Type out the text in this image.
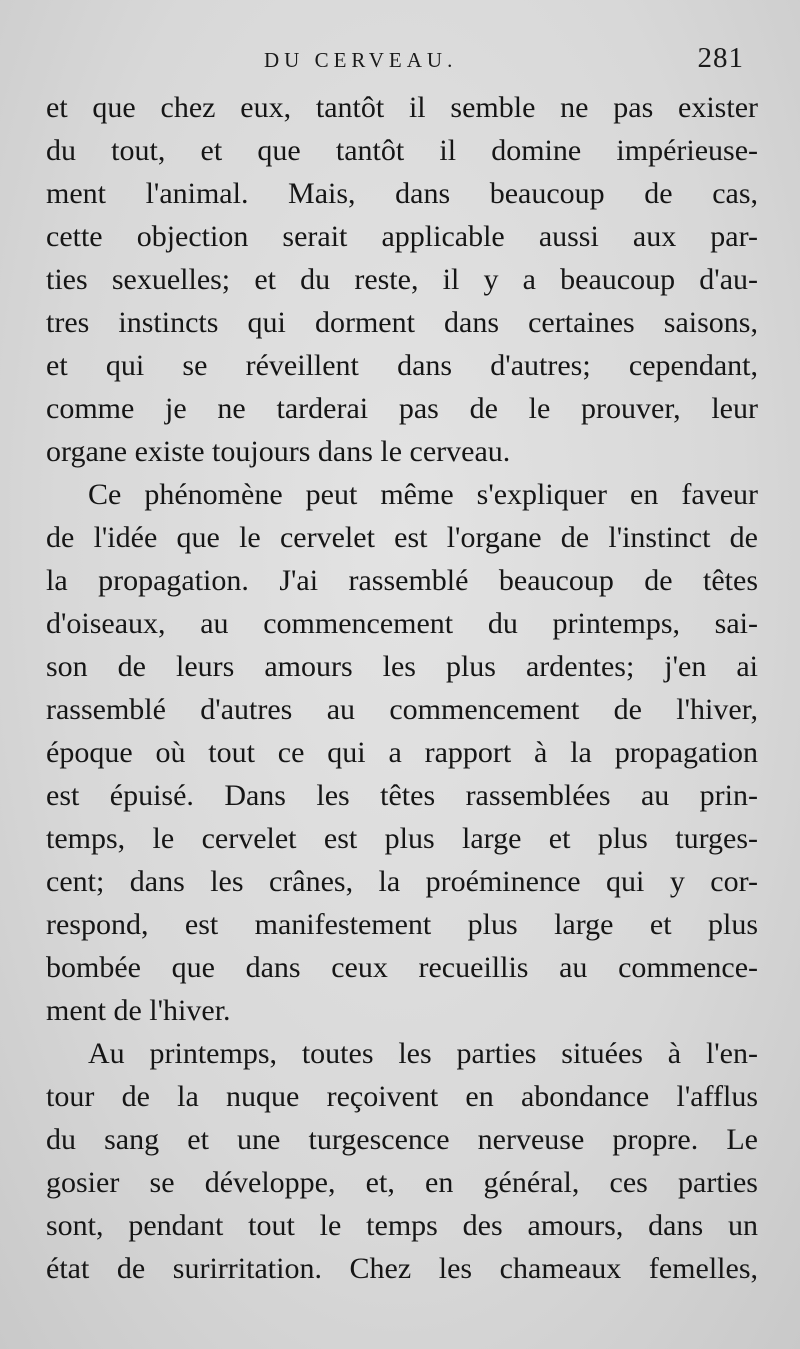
DU CERVEAU.	281
et que chez eux, tantôt il semble ne pas exister
du tout, et que tantôt il domine impérieuse-
ment l'animal. Mais, dans beaucoup de cas,
cette objection serait applicable aussi aux par-
ties sexuelles; et du reste, il y a beaucoup d'au-
tres instincts qui dorment dans certaines saisons,
et qui se réveillent dans d'autres; cependant,
comme je ne tarderai pas de le prouver, leur
organe existe toujours dans le cerveau.
Ce phénomène peut même s'expliquer en faveur
de l'idée que le cervelet est l'organe de l'instinct de
la propagation. J'ai rassemblé beaucoup de têtes
d'oiseaux, au commencement du printemps, sai-
son de leurs amours les plus ardentes; j'en ai
rassemblé d'autres au commencement de l'hiver,
époque où tout ce qui a rapport à la propagation
est épuisé. Dans les têtes rassemblées au prin-
temps, le cervelet est plus large et plus turges-
cent; dans les crânes, la proéminence qui y cor-
respond, est manifestement plus large et plus
bombée que dans ceux recueillis au commence-
ment de l'hiver.
Au printemps, toutes les parties situées à l'en-
tour de la nuque reçoivent en abondance l'afflus
du sang et une turgescence nerveuse propre. Le
gosier se développe, et, en général, ces parties
sont, pendant tout le temps des amours, dans un
état de surirritation. Chez les chameaux femelles,
